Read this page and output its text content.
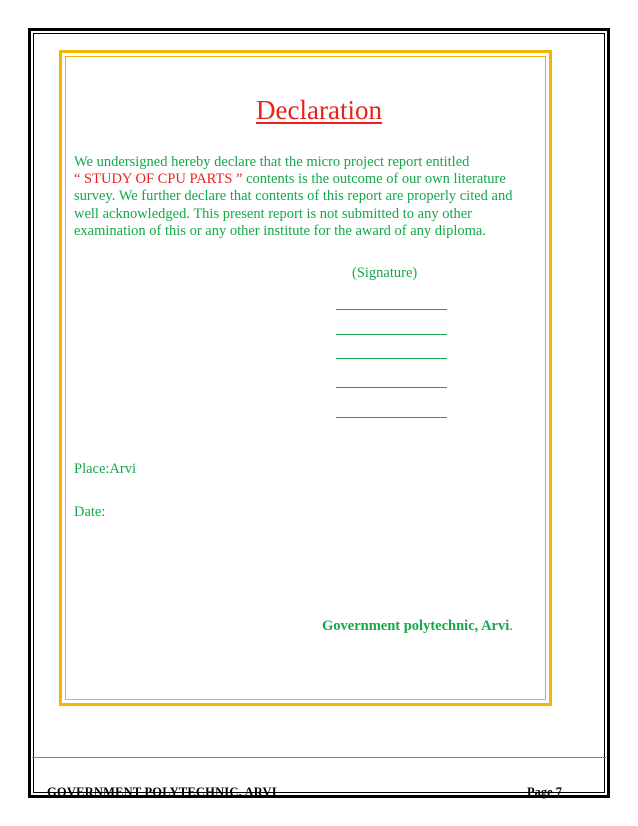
Declaration
We undersigned hereby declare that the micro project report entitled
“ STUDY OF CPU PARTS ” contents is the outcome of our own literature
survey. We further declare that contents of this report are properly cited and
well acknowledged. This present report is not submitted to any other
examination of this or any other institute for the award of any diploma.
(Signature)
Place:Arvi
Date:
Government polytechnic, Arvi.
GOVERNMENT POLYTECHNIC, ARVI	Page 7
